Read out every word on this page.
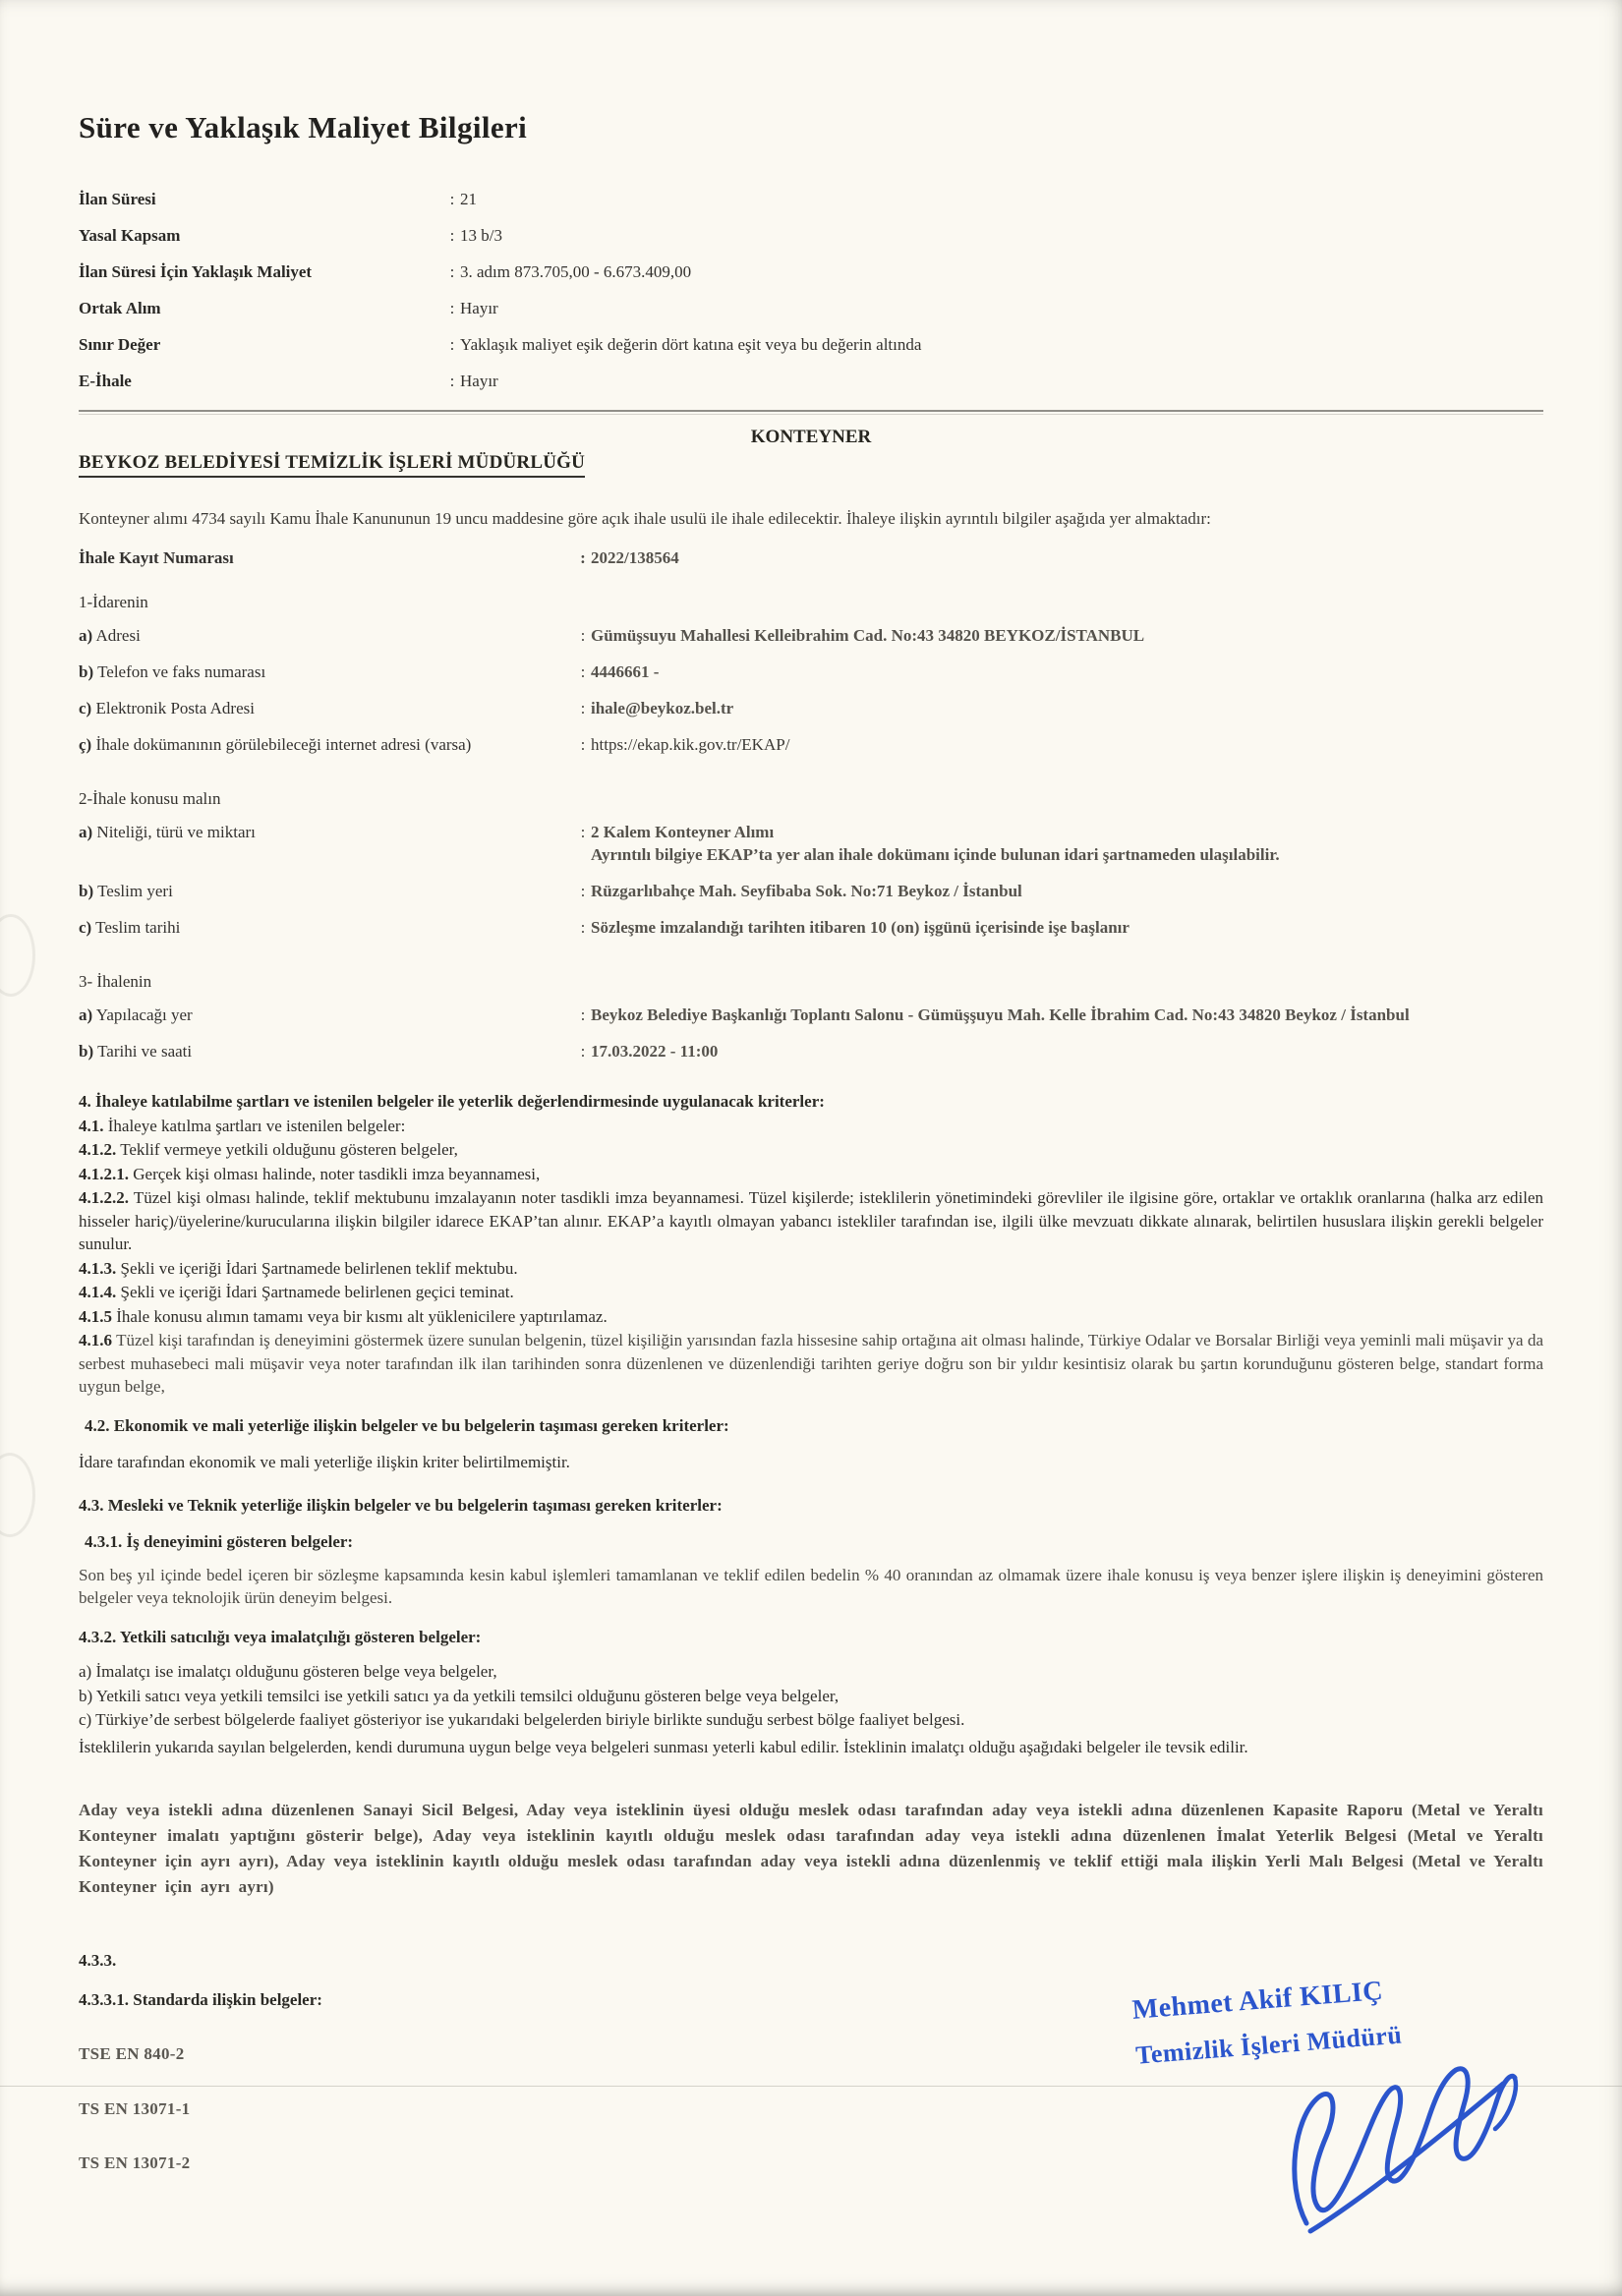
Süre ve Yaklaşık Maliyet Bilgileri
İlan Süresi	: 21
Yasal Kapsam	: 13 b/3
İlan Süresi İçin Yaklaşık Maliyet	: 3. adım 873.705,00 - 6.673.409,00
Ortak Alım	: Hayır
Sınır Değer	: Yaklaşık maliyet eşik değerin dört katına eşit veya bu değerin altında
E-İhale	: Hayır
KONTEYNER
BEYKOZ BELEDİYESİ TEMİZLİK İŞLERİ MÜDÜRLÜĞÜ
Konteyner alımı 4734 sayılı Kamu İhale Kanununun 19 uncu maddesine göre açık ihale usulü ile ihale edilecektir. İhaleye ilişkin ayrıntılı bilgiler aşağıda yer almaktadır:
İhale Kayıt Numarası	: 2022/138564
1-İdarenin
a) Adresi	: Gümüşsuyu Mahallesi Kelleibrahim Cad. No:43 34820 BEYKOZ/İSTANBUL
b) Telefon ve faks numarası	: 4446661 -
c) Elektronik Posta Adresi	: ihale@beykoz.bel.tr
ç) İhale dokümanının görülebileceği internet adresi (varsa)	: https://ekap.kik.gov.tr/EKAP/
2-İhale konusu malın
a) Niteliği, türü ve miktarı	: 2 Kalem Konteyner Alımı
Ayrıntılı bilgiye EKAP’ta yer alan ihale dokümanı içinde bulunan idari şartnameden ulaşılabilir.
b) Teslim yeri	: Rüzgarlıbahçe Mah. Seyfibaba Sok. No:71 Beykoz / İstanbul
c) Teslim tarihi	: Sözleşme imzalandığı tarihten itibaren 10 (on) işgünü içerisinde işe başlanır
3- İhalenin
a) Yapılacağı yer	: Beykoz Belediye Başkanlığı Toplantı Salonu - Gümüşşuyu Mah. Kelle İbrahim Cad. No:43 34820 Beykoz / İstanbul
b) Tarihi ve saati	: 17.03.2022 - 11:00
4. İhaleye katılabilme şartları ve istenilen belgeler ile yeterlik değerlendirmesinde uygulanacak kriterler:
4.1. İhaleye katılma şartları ve istenilen belgeler:
4.1.2. Teklif vermeye yetkili olduğunu gösteren belgeler,
4.1.2.1. Gerçek kişi olması halinde, noter tasdikli imza beyannamesi,
4.1.2.2. Tüzel kişi olması halinde, teklif mektubunu imzalayanın noter tasdikli imza beyannamesi. Tüzel kişilerde; isteklilerin yönetimindeki görevliler ile ilgisine göre, ortaklar ve ortaklık oranlarına (halka arz edilen hisseler hariç)/üyelerine/kurucularına ilişkin bilgiler idarece EKAP’tan alınır. EKAP’a kayıtlı olmayan yabancı istekliler tarafından ise, ilgili ülke mevzuatı dikkate alınarak, belirtilen hususlara ilişkin gerekli belgeler sunulur.
4.1.3. Şekli ve içeriği İdari Şartnamede belirlenen teklif mektubu.
4.1.4. Şekli ve içeriği İdari Şartnamede belirlenen geçici teminat.
4.1.5 İhale konusu alımın tamamı veya bir kısmı alt yüklenicilere yaptırılamaz.
4.1.6 Tüzel kişi tarafından iş deneyimini göstermek üzere sunulan belgenin, tüzel kişiliğin yarısından fazla hissesine sahip ortağına ait olması halinde, Türkiye Odalar ve Borsalar Birliği veya yeminli mali müşavir ya da serbest muhasebeci mali müşavir veya noter tarafından ilk ilan tarihinden sonra düzenlenen ve düzenlendiği tarihten geriye doğru son bir yıldır kesintisiz olarak bu şartın korunduğunu gösteren belge, standart forma uygun belge,
4.2. Ekonomik ve mali yeterliğe ilişkin belgeler ve bu belgelerin taşıması gereken kriterler:
İdare tarafından ekonomik ve mali yeterliğe ilişkin kriter belirtilmemiştir.
4.3. Mesleki ve Teknik yeterliğe ilişkin belgeler ve bu belgelerin taşıması gereken kriterler:
4.3.1. İş deneyimini gösteren belgeler:
Son beş yıl içinde bedel içeren bir sözleşme kapsamında kesin kabul işlemleri tamamlanan ve teklif edilen bedelin % 40 oranından az olmamak üzere ihale konusu iş veya benzer işlere ilişkin iş deneyimini gösteren belgeler veya teknolojik ürün deneyim belgesi.
4.3.2. Yetkili satıcılığı veya imalatçılığı gösteren belgeler:
a) İmalatçı ise imalatçı olduğunu gösteren belge veya belgeler,
b) Yetkili satıcı veya yetkili temsilci ise yetkili satıcı ya da yetkili temsilci olduğunu gösteren belge veya belgeler,
c) Türkiye’de serbest bölgelerde faaliyet gösteriyor ise yukarıdaki belgelerden biriyle birlikte sunduğu serbest bölge faaliyet belgesi.
İsteklilerin yukarıda sayılan belgelerden, kendi durumuna uygun belge veya belgeleri sunması yeterli kabul edilir. İsteklinin imalatçı olduğu aşağıdaki belgeler ile tevsik edilir.
Aday veya istekli adına düzenlenen Sanayi Sicil Belgesi, Aday veya isteklinin üyesi olduğu meslek odası tarafından aday veya istekli adına düzenlenen Kapasite Raporu (Metal ve Yeraltı Konteyner imalatı yaptığını gösterir belge), Aday veya isteklinin kayıtlı olduğu meslek odası tarafından aday veya istekli adına düzenlenen İmalat Yeterlik Belgesi (Metal ve Yeraltı Konteyner için ayrı ayrı), Aday veya isteklinin kayıtlı olduğu meslek odası tarafından aday veya istekli adına düzenlenmiş ve teklif ettiği mala ilişkin Yerli Malı Belgesi (Metal ve Yeraltı Konteyner için ayrı ayrı)
4.3.3.
4.3.3.1. Standarda ilişkin belgeler:
TSE EN 840-2
TS EN 13071-1
TS EN 13071-2
Mehmet Akif KILIÇ
Temizlik İşleri Müdürü
